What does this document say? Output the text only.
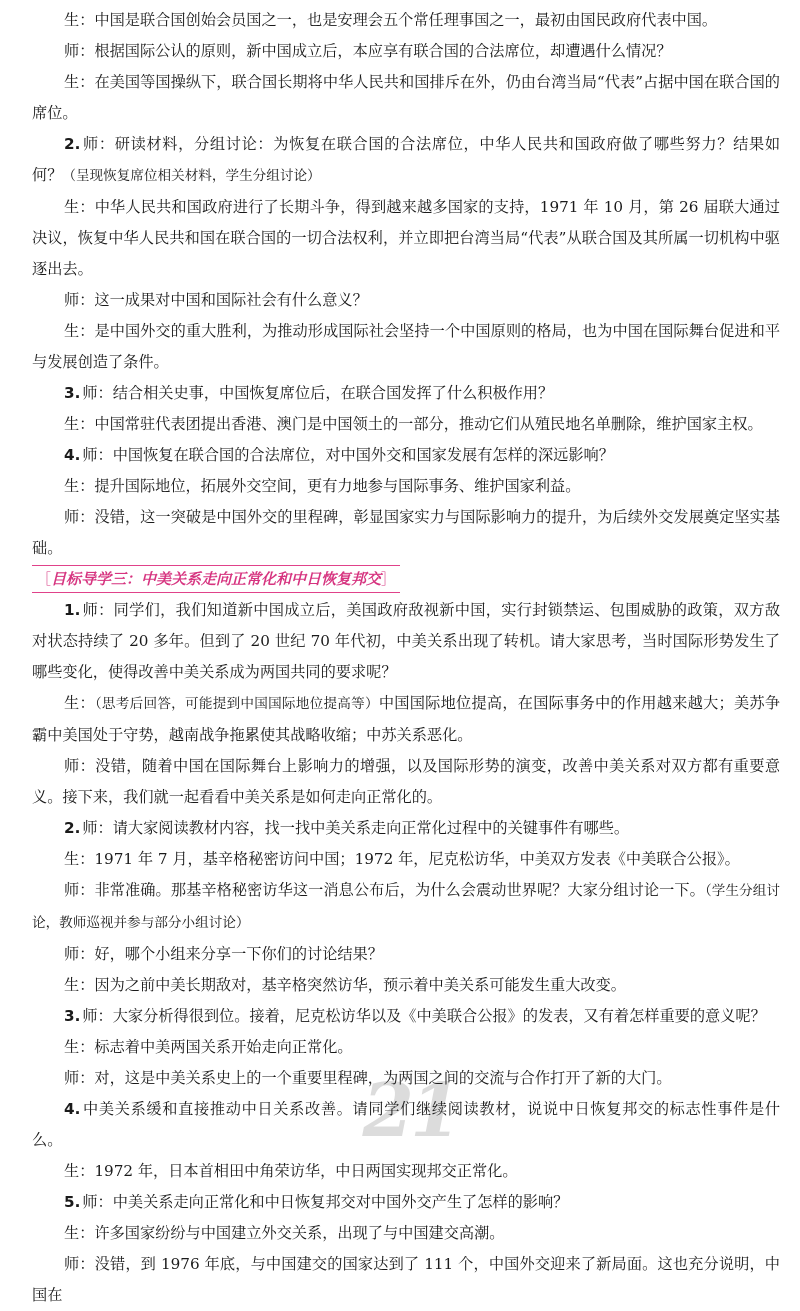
生：中国是联合国创始会员国之一，也是安理会五个常任理事国之一，最初由国民政府代表中国。

师：根据国际公认的原则，新中国成立后，本应享有联合国的合法席位，却遭遇什么情况？

生：在美国等国操纵下，联合国长期将中华人民共和国排斥在外，仍由台湾当局“代表”占据中国在联合国的席位。

2. 师：研读材料，分组讨论：为恢复在联合国的合法席位，中华人民共和国政府做了哪些努力？结果如何？（呈现恢复席位相关材料，学生分组讨论）

生：中华人民共和国政府进行了长期斗争，得到越来越多国家的支持，1971 年 10 月，第 26 届联大通过决议，恢复中华人民共和国在联合国的一切合法权利，并立即把台湾当局“代表”从联合国及其所属一切机构中驱逐出去。

师：这一成果对中国和国际社会有什么意义？

生：是中国外交的重大胜利，为推动形成国际社会坚持一个中国原则的格局，也为中国在国际舞台促进和平与发展创造了条件。

3. 师：结合相关史事，中国恢复席位后，在联合国发挥了什么积极作用？

生：中国常驻代表团提出香港、澳门是中国领土的一部分，推动它们从殖民地名单删除，维护国家主权。

4. 师：中国恢复在联合国的合法席位，对中国外交和国家发展有怎样的深远影响？

生：提升国际地位，拓展外交空间，更有力地参与国际事务、维护国家利益。

师：没错，这一突破是中国外交的里程碑，彰显国家实力与国际影响力的提升，为后续外交发展奠定坚实基础。

［目标导学三：中美关系走向正常化和中日恢复邦交］

1. 师：同学们，我们知道新中国成立后，美国政府敌视新中国，实行封锁禁运、包围威胁的政策，双方敌对状态持续了 20 多年。但到了 20 世纪 70 年代初，中美关系出现了转机。请大家思考，当时国际形势发生了哪些变化，使得改善中美关系成为两国共同的要求呢？

生：（思考后回答，可能提到中国国际地位提高等）中国国际地位提高，在国际事务中的作用越来越大；美苏争霸中美国处于守势，越南战争拖累使其战略收缩；中苏关系恶化。

师：没错，随着中国在国际舞台上影响力的增强，以及国际形势的演变，改善中美关系对双方都有重要意义。接下来，我们就一起看看中美关系是如何走向正常化的。

2. 师：请大家阅读教材内容，找一找中美关系走向正常化过程中的关键事件有哪些。

生：1971 年 7 月，基辛格秘密访问中国；1972 年，尼克松访华，中美双方发表《中美联合公报》。

师：非常准确。那基辛格秘密访华这一消息公布后，为什么会震动世界呢？大家分组讨论一下。（学生分组讨论，教师巡视并参与部分小组讨论）

师：好，哪个小组来分享一下你们的讨论结果？

生：因为之前中美长期敌对，基辛格突然访华，预示着中美关系可能发生重大改变。

3. 师：大家分析得很到位。接着，尼克松访华以及《中美联合公报》的发表，又有着怎样重要的意义呢？

生：标志着中美两国关系开始走向正常化。

师：对，这是中美关系史上的一个重要里程碑，为两国之间的交流与合作打开了新的大门。

4. 中美关系缓和直接推动中日关系改善。请同学们继续阅读教材，说说中日恢复邦交的标志性事件是什么。

生：1972 年，日本首相田中角荣访华，中日两国实现邦交正常化。

5. 师：中美关系走向正常化和中日恢复邦交对中国外交产生了怎样的影响？

生：许多国家纷纷与中国建立外交关系，出现了与中国建交高潮。

师：没错，到 1976 年底，与中国建交的国家达到了 111 个，中国外交迎来了新局面。这也充分说明，中国在

21
